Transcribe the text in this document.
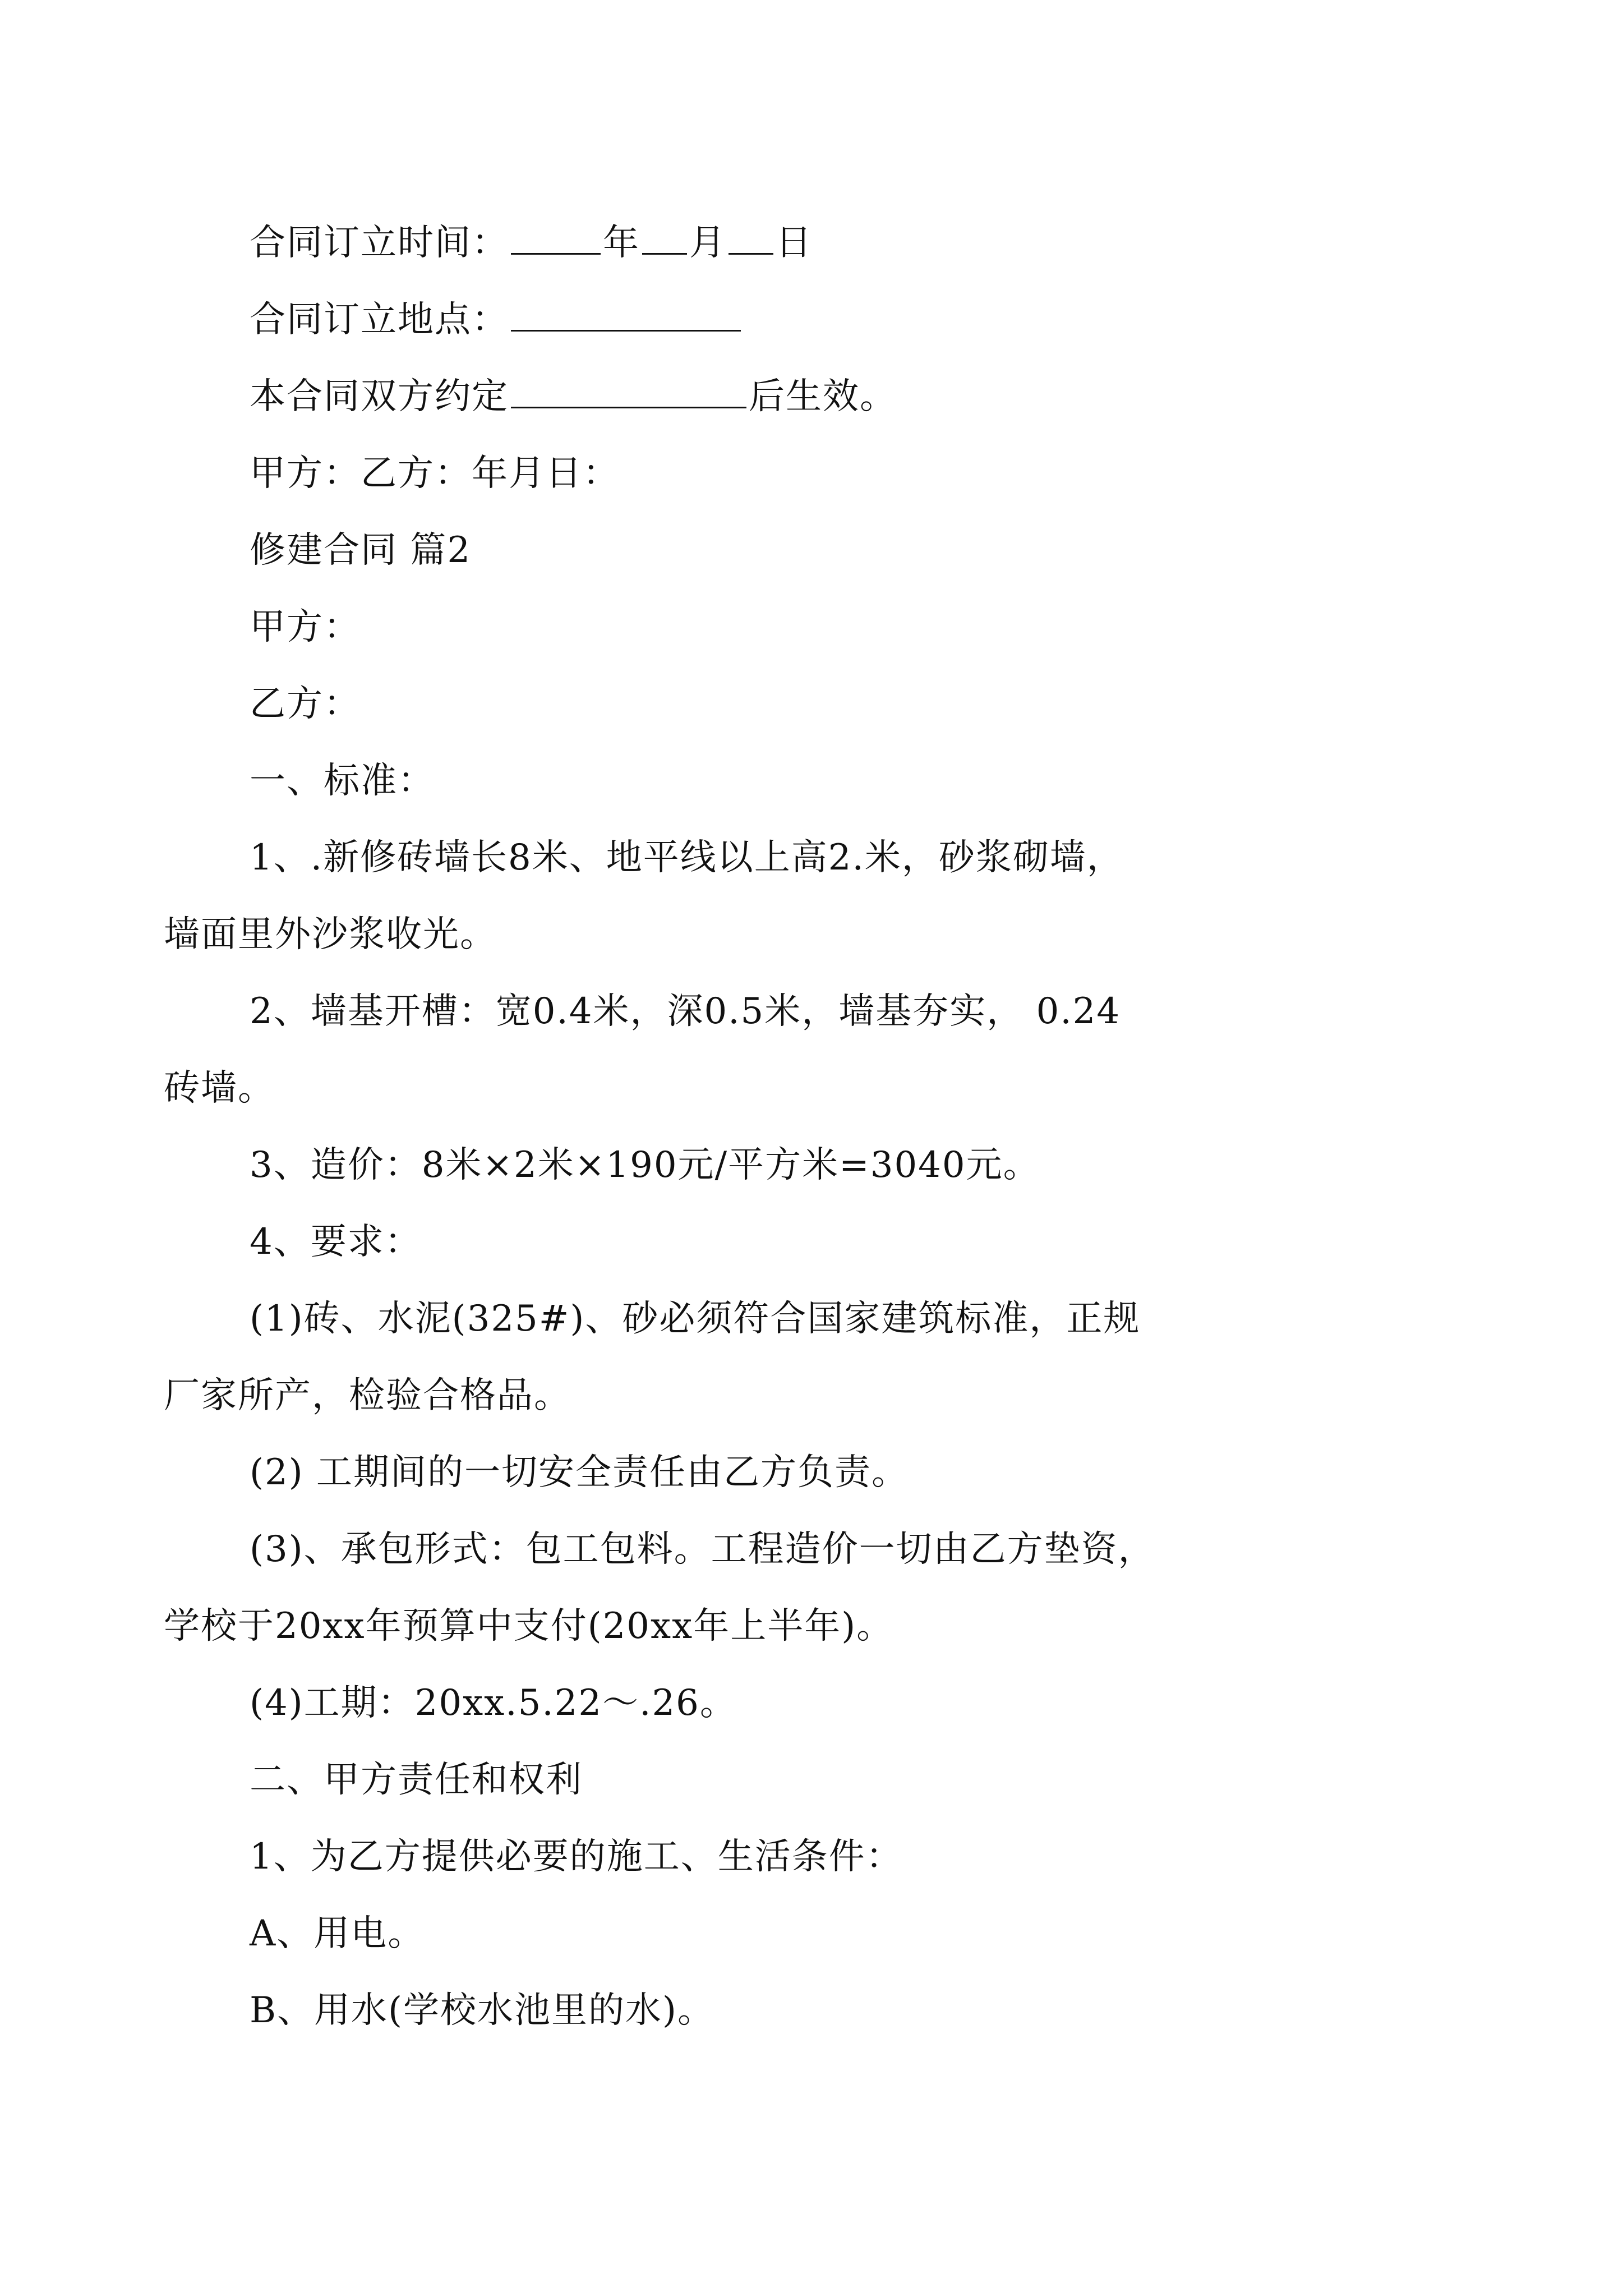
合同订立时间：	年 月 日
合同订立地点：
本合同双方约定	后生效。
甲方：乙方：年月日：
修建合同 篇2
甲方：
乙方：
一、标准：
1、.新修砖墙长8米、地平线以上高2.米，砂浆砌墙，
墙面里外沙浆收光。
2、墙基开槽：宽0.4米，深0.5米，墙基夯实， 0.24
砖墙。
3、造价：8米×2米×190元/平方米=3040元。
4、要求：
(1)砖、水泥(325#)、砂必须符合国家建筑标准，正规
厂家所产，检验合格品。
(2) 工期间的一切安全责任由乙方负责。
(3)、承包形式：包工包料。工程造价一切由乙方垫资，
学校于20xx年预算中支付(20xx年上半年)。
(4)工期：20xx.5.22～.26。
二、甲方责任和权利
1、为乙方提供必要的施工、生活条件：
A、用电。
B、用水(学校水池里的水)。
